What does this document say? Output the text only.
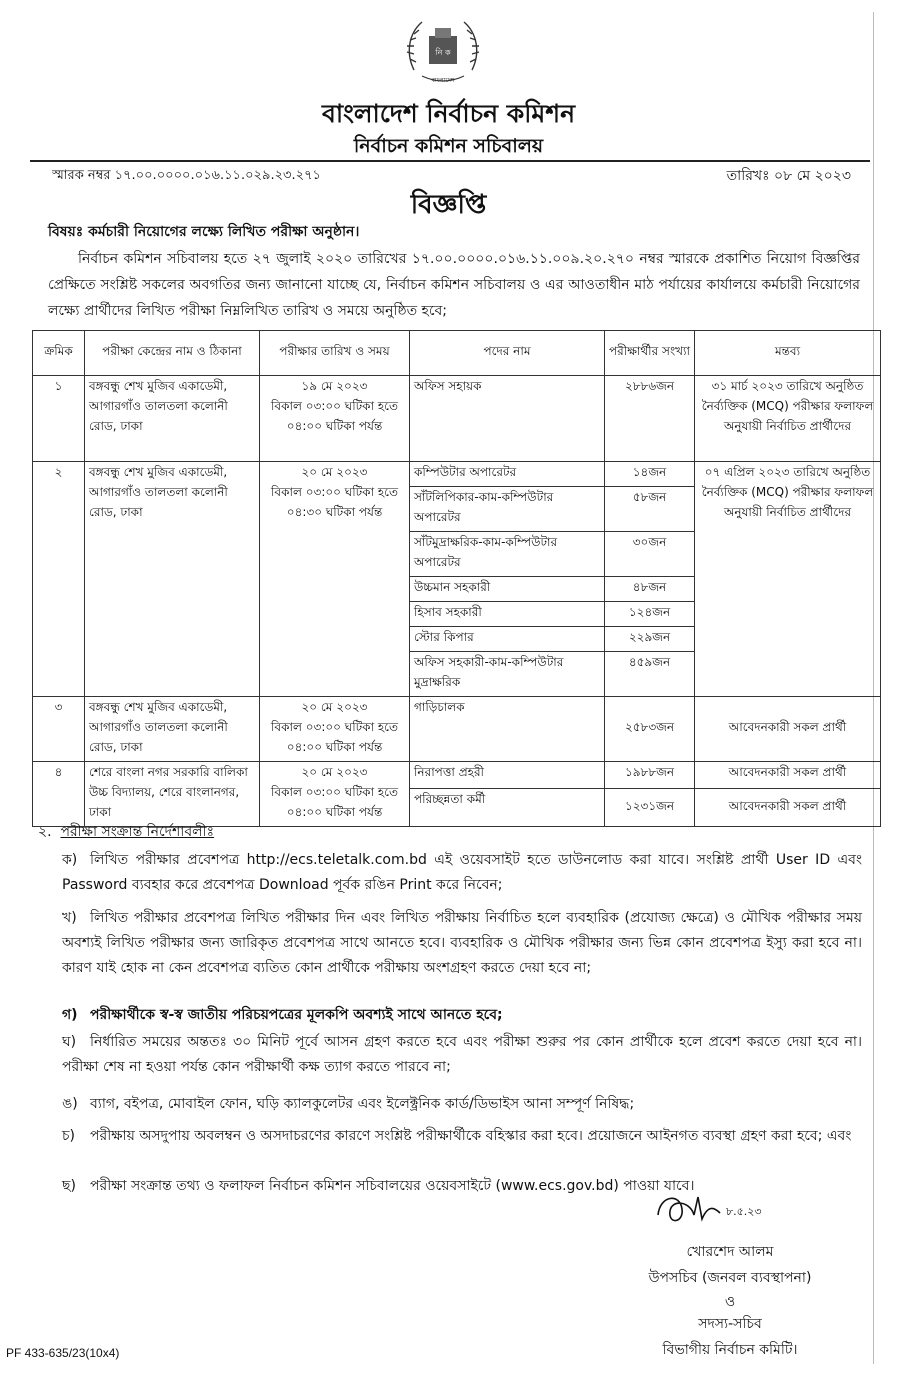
নি ক
বাংলাদেশ
বাংলাদেশ নির্বাচন কমিশন
নির্বাচন কমিশন সচিবালয়
স্মারক নম্বর ১৭.০০.০০০০.০১৬.১১.০২৯.২৩.২৭১	তারিখঃ ০৮ মে ২০২৩
বিজ্ঞপ্তি
বিষয়ঃ কর্মচারী নিয়োগের লক্ষ্যে লিখিত পরীক্ষা অনুষ্ঠান।
নির্বাচন কমিশন সচিবালয় হতে ২৭ জুলাই ২০২০ তারিখের ১৭.০০.০০০০.০১৬.১১.০০৯.২০.২৭০ নম্বর স্মারকে প্রকাশিত নিয়োগ বিজ্ঞপ্তির প্রেক্ষিতে সংশ্লিষ্ট সকলের অবগতির জন্য জানানো যাচ্ছে যে, নির্বাচন কমিশন সচিবালয় ও এর আওতাধীন মাঠ পর্যায়ের কার্যালয়ে কর্মচারী নিয়োগের লক্ষ্যে প্রার্থীদের লিখিত পরীক্ষা নিম্নলিখিত তারিখ ও সময়ে অনুষ্ঠিত হবে;
ক্রমিক	পরীক্ষা কেন্দ্রের নাম ও ঠিকানা	পরীক্ষার তারিখ ও সময়	পদের নাম	পরীক্ষার্থীর সংখ্যা	মন্তব্য
১	বঙ্গবন্ধু শেখ মুজিব একাডেমী, আগারগাঁও তালতলা কলোনী রোড, ঢাকা	১৯ মে ২০২৩
বিকাল ০৩:০০ ঘটিকা হতে ০৪:০০ ঘটিকা পর্যন্ত	অফিস সহায়ক	২৮৮৬জন	৩১ মার্চ ২০২৩ তারিখে অনুষ্ঠিত নৈর্ব্যক্তিক (MCQ) পরীক্ষার ফলাফল অনুযায়ী নির্বাচিত প্রার্থীদের
২	বঙ্গবন্ধু শেখ মুজিব একাডেমী, আগারগাঁও তালতলা কলোনী রোড, ঢাকা	২০ মে ২০২৩
বিকাল ০৩:০০ ঘটিকা হতে ০৪:৩০ ঘটিকা পর্যন্ত	কম্পিউটার অপারেটর	১৪জন	০৭ এপ্রিল ২০২৩ তারিখে অনুষ্ঠিত নৈর্ব্যক্তিক (MCQ) পরীক্ষার ফলাফল অনুযায়ী নির্বাচিত প্রার্থীদের
			সাঁটলিপিকার-কাম-কম্পিউটার অপারেটর	৫৮জন	
			সাঁটমুদ্রাক্ষরিক-কাম-কম্পিউটার অপারেটর	৩০জন	
			উচ্চমান সহকারী	৪৮জন	
			হিসাব সহকারী	১২৪জন	
			স্টোর কিপার	২২৯জন	
			অফিস সহকারী-কাম-কম্পিউটার মুদ্রাক্ষরিক	৪৫৯জন	
৩	বঙ্গবন্ধু শেখ মুজিব একাডেমী, আগারগাঁও তালতলা কলোনী রোড, ঢাকা	২০ মে ২০২৩
বিকাল ০৩:০০ ঘটিকা হতে ০৪:০০ ঘটিকা পর্যন্ত	গাড়িচালক	২৫৮৩জন	আবেদনকারী সকল প্রার্থী
৪	শেরে বাংলা নগর সরকারি বালিকা উচ্চ বিদ্যালয়, শেরে বাংলানগর, ঢাকা	২০ মে ২০২৩
বিকাল ০৩:০০ ঘটিকা হতে ০৪:০০ ঘটিকা পর্যন্ত	নিরাপত্তা প্রহরী	১৯৮৮জন	আবেদনকারী সকল প্রার্থী
			পরিচ্ছন্নতা কর্মী	১২৩১জন	আবেদনকারী সকল প্রার্থী
২. পরীক্ষা সংক্রান্ত নির্দেশাবলীঃ
ক) লিখিত পরীক্ষার প্রবেশপত্র http://ecs.teletalk.com.bd এই ওয়েবসাইট হতে ডাউনলোড করা যাবে। সংশ্লিষ্ট প্রার্থী User ID এবং Password ব্যবহার করে প্রবেশপত্র Download পূর্বক রঙিন Print করে নিবেন;
খ) লিখিত পরীক্ষার প্রবেশপত্র লিখিত পরীক্ষার দিন এবং লিখিত পরীক্ষায় নির্বাচিত হলে ব্যবহারিক (প্রযোজ্য ক্ষেত্রে) ও মৌখিক পরীক্ষার সময় অবশ্যই লিখিত পরীক্ষার জন্য জারিকৃত প্রবেশপত্র সাথে আনতে হবে। ব্যবহারিক ও মৌখিক পরীক্ষার জন্য ভিন্ন কোন প্রবেশপত্র ইস্যু করা হবে না। কারণ যাই হোক না কেন প্রবেশপত্র ব্যতিত কোন প্রার্থীকে পরীক্ষায় অংশগ্রহণ করতে দেয়া হবে না;
গ) পরীক্ষার্থীকে স্ব-স্ব জাতীয় পরিচয়পত্রের মূলকপি অবশ্যই সাথে আনতে হবে;
ঘ) নির্ধারিত সময়ের অন্ততঃ ৩০ মিনিট পূর্বে আসন গ্রহণ করতে হবে এবং পরীক্ষা শুরুর পর কোন প্রার্থীকে হলে প্রবেশ করতে দেয়া হবে না। পরীক্ষা শেষ না হওয়া পর্যন্ত কোন পরীক্ষার্থী কক্ষ ত্যাগ করতে পারবে না;
ঙ) ব্যাগ, বইপত্র, মোবাইল ফোন, ঘড়ি ক্যালকুলেটর এবং ইলেক্ট্রনিক কার্ড/ডিভাইস আনা সম্পূর্ণ নিষিদ্ধ;
চ) পরীক্ষায় অসদুপায় অবলম্বন ও অসদাচরণের কারণে সংশ্লিষ্ট পরীক্ষার্থীকে বহিস্কার করা হবে। প্রয়োজনে আইনগত ব্যবস্থা গ্রহণ করা হবে; এবং
ছ) পরীক্ষা সংক্রান্ত তথ্য ও ফলাফল নির্বাচন কমিশন সচিবালয়ের ওয়েবসাইটে (www.ecs.gov.bd) পাওয়া যাবে।
৮.৫.২৩
খোরশেদ আলম
উপসচিব (জনবল ব্যবস্থাপনা)
ও
সদস্য-সচিব
বিভাগীয় নির্বাচন কমিটি।
PF 433-635/23(10x4)
